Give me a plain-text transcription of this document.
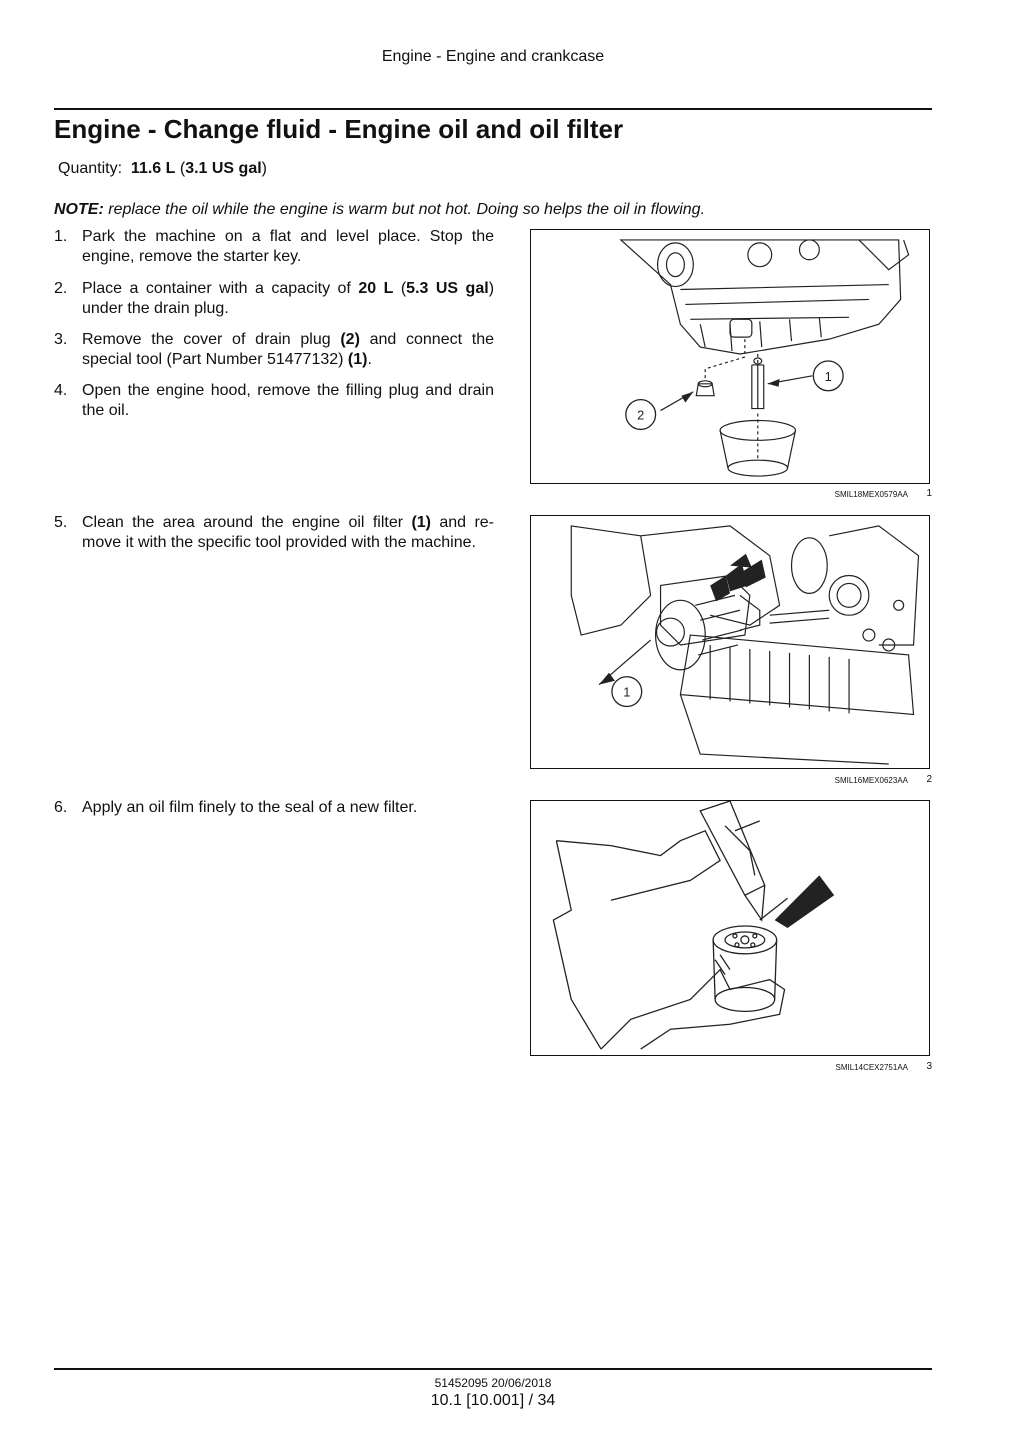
Engine - Engine and crankcase
Engine - Change fluid - Engine oil and oil filter
Quantity: 11.6 L (3.1 US gal)
NOTE: replace the oil while the engine is warm but not hot. Doing so helps the oil in flowing.
1. Park the machine on a flat and level place. Stop the engine, remove the starter key.
2. Place a container with a capacity of 20 L (5.3 US gal) under the drain plug.
3. Remove the cover of drain plug (2) and connect the special tool (Part Number 51477132) (1).
4. Open the engine hood, remove the filling plug and drain the oil.
5. Clean the area around the engine oil filter (1) and re- move it with the specific tool provided with the machine.
6. Apply an oil film finely to the seal of a new filter.
1
2
SMIL18MEX0579AA 1
1
SMIL16MEX0623AA 2
SMIL14CEX2751AA 3
51452095 20/06/2018
10.1 [10.001] / 34
